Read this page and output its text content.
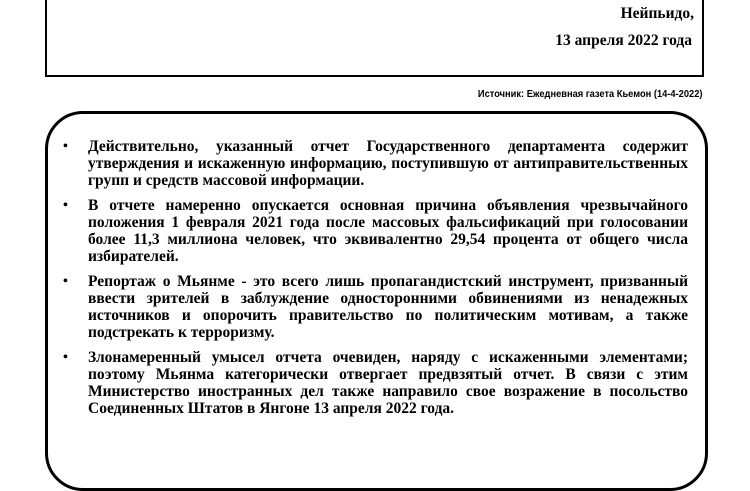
Нейпьидо,
13 апреля 2022 года
Источник: Ежедневная газета Кьемон (14-4-2022)
• Действительно, указанный отчет Государственного департамента содержит утверждения и искаженную информацию, поступившую от антиправительственных групп и средств массовой информации.
• В отчете намеренно опускается основная причина объявления чрезвычайного положения 1 февраля 2021 года после массовых фальсификаций при голосовании более 11,3 миллиона человек, что эквивалентно 29,54 процента от общего числа избирателей.
• Репортаж о Мьянме - это всего лишь пропагандистский инструмент, призванный ввести зрителей в заблуждение односторонними обвинениями из ненадежных источников и опорочить правительство по политическим мотивам, а также подстрекать к терроризму.
• Злонамеренный умысел отчета очевиден, наряду с искаженными элементами; поэтому Мьянма категорически отвергает предвзятый отчет. В связи с этим Министерство иностранных дел также направило свое возражение в посольство Соединенных Штатов в Янгоне 13 апреля 2022 года.
